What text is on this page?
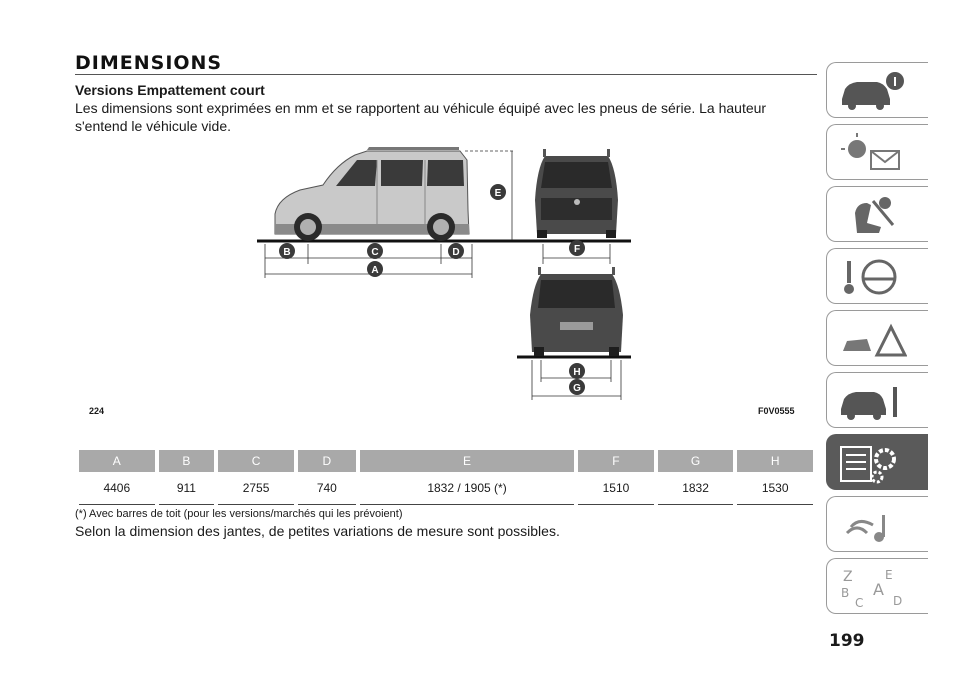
DIMENSIONS
Versions Empattement court
Les dimensions sont exprimées en mm et se rapportent au véhicule équipé avec les pneus de série. La hauteur s'entend le véhicule vide.
A
B	C	D
E
F
G
H
224	F0V0555
A	B	C	D	E	F	G	H
4406	911	2755	740	1832 / 1905 (*)	1510	1832	1530
(*) Avec barres de toit (pour les versions/marchés qui les prévoient)
Selon la dimension des jantes, de petites variations de mesure sont possibles.
Z	E
A
B
C D
199
